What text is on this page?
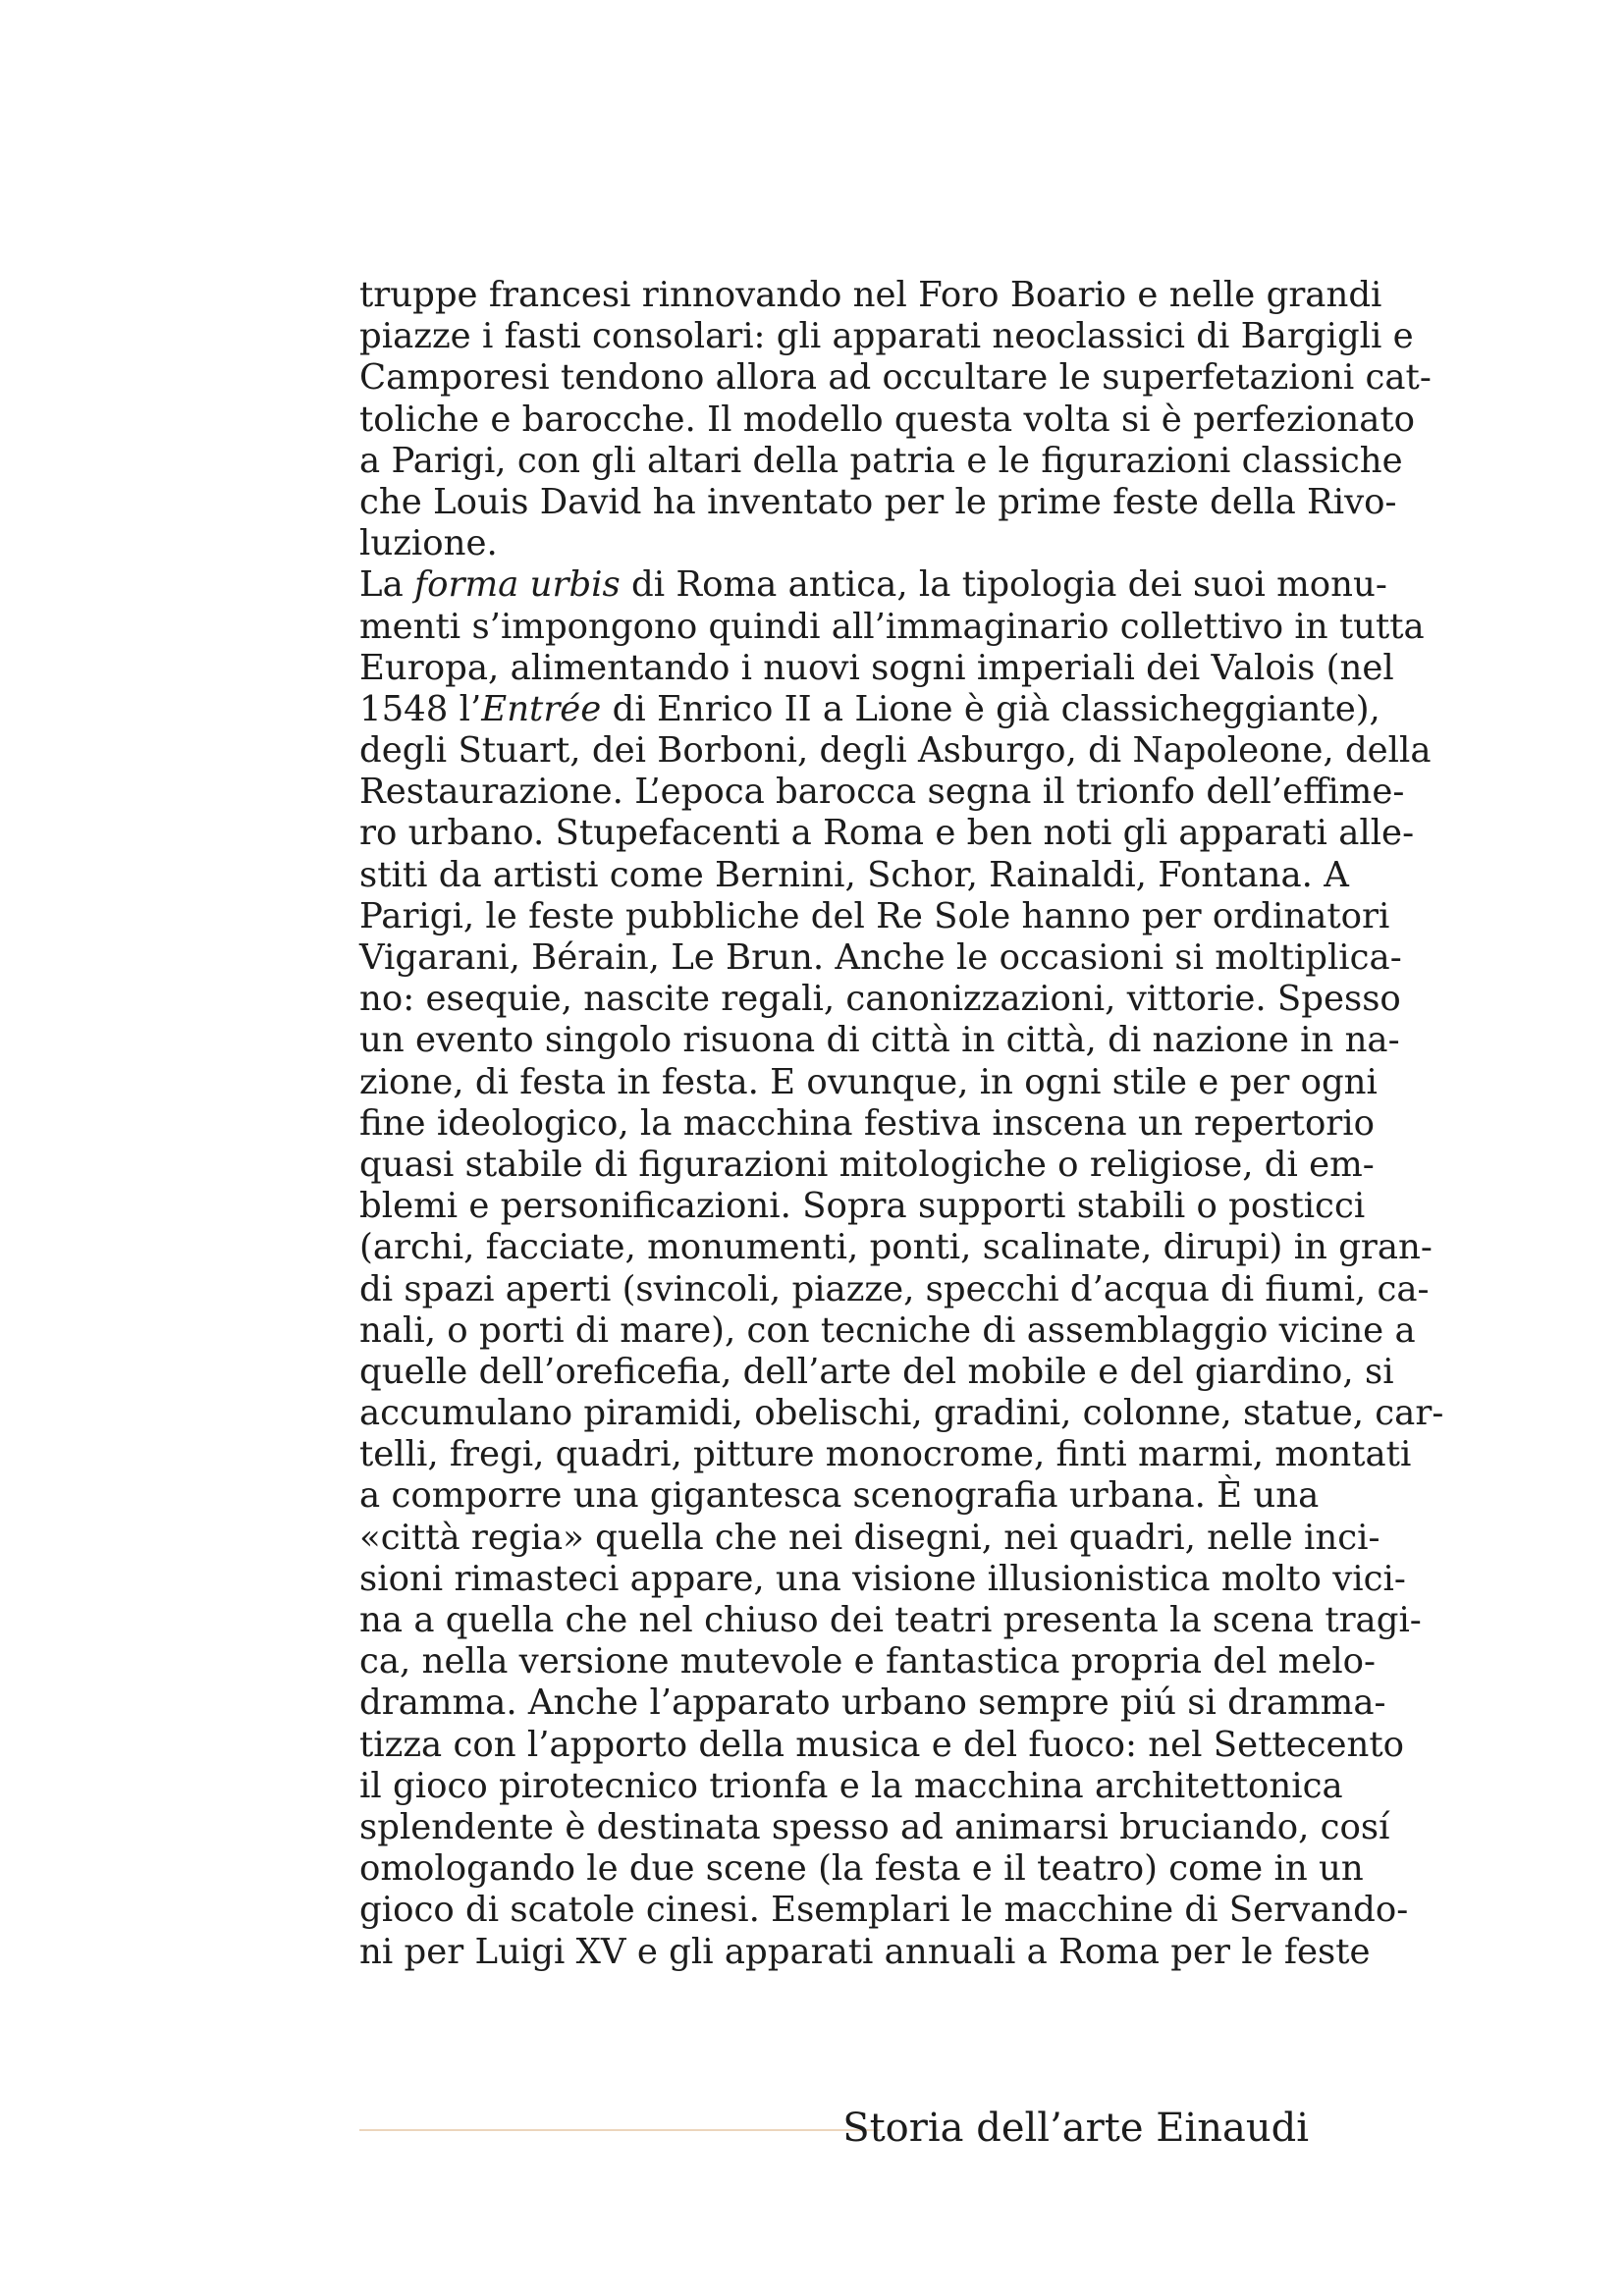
truppe francesi rinnovando nel Foro Boario e nelle grandi
piazze i fasti consolari: gli apparati neoclassici di Bargigli e
Camporesi tendono allora ad occultare le superfetazioni cat-
toliche e barocche. Il modello questa volta si è perfezionato
a Parigi, con gli altari della patria e le figurazioni classiche
che Louis David ha inventato per le prime feste della Rivo-
luzione.
La forma urbis di Roma antica, la tipologia dei suoi monu-
menti s’impongono quindi all’immaginario collettivo in tutta
Europa, alimentando i nuovi sogni imperiali dei Valois (nel
1548 l’Entrée di Enrico II a Lione è già classicheggiante),
degli Stuart, dei Borboni, degli Asburgo, di Napoleone, della
Restaurazione. L’epoca barocca segna il trionfo dell’effime-
ro urbano. Stupefacenti a Roma e ben noti gli apparati alle-
stiti da artisti come Bernini, Schor, Rainaldi, Fontana. A
Parigi, le feste pubbliche del Re Sole hanno per ordinatori
Vigarani, Bérain, Le Brun. Anche le occasioni si moltiplica-
no: esequie, nascite regali, canonizzazioni, vittorie. Spesso
un evento singolo risuona di città in città, di nazione in na-
zione, di festa in festa. E ovunque, in ogni stile e per ogni
fine ideologico, la macchina festiva inscena un repertorio
quasi stabile di figurazioni mitologiche o religiose, di em-
blemi e personificazioni. Sopra supporti stabili o posticci
(archi, facciate, monumenti, ponti, scalinate, dirupi) in gran-
di spazi aperti (svincoli, piazze, specchi d’acqua di fiumi, ca-
nali, o porti di mare), con tecniche di assemblaggio vicine a
quelle dell’oreficefia, dell’arte del mobile e del giardino, si
accumulano piramidi, obelischi, gradini, colonne, statue, car-
telli, fregi, quadri, pitture monocrome, finti marmi, montati
a comporre una gigantesca scenografia urbana. È una
«città regia» quella che nei disegni, nei quadri, nelle inci-
sioni rimasteci appare, una visione illusionistica molto vici-
na a quella che nel chiuso dei teatri presenta la scena tragi-
ca, nella versione mutevole e fantastica propria del melo-
dramma. Anche l’apparato urbano sempre piú si dramma-
tizza con l’apporto della musica e del fuoco: nel Settecento
il gioco pirotecnico trionfa e la macchina architettonica
splendente è destinata spesso ad animarsi bruciando, cosí
omologando le due scene (la festa e il teatro) come in un
gioco di scatole cinesi. Esemplari le macchine di Servando-
ni per Luigi XV e gli apparati annuali a Roma per le feste
Storia dell’arte Einaudi
